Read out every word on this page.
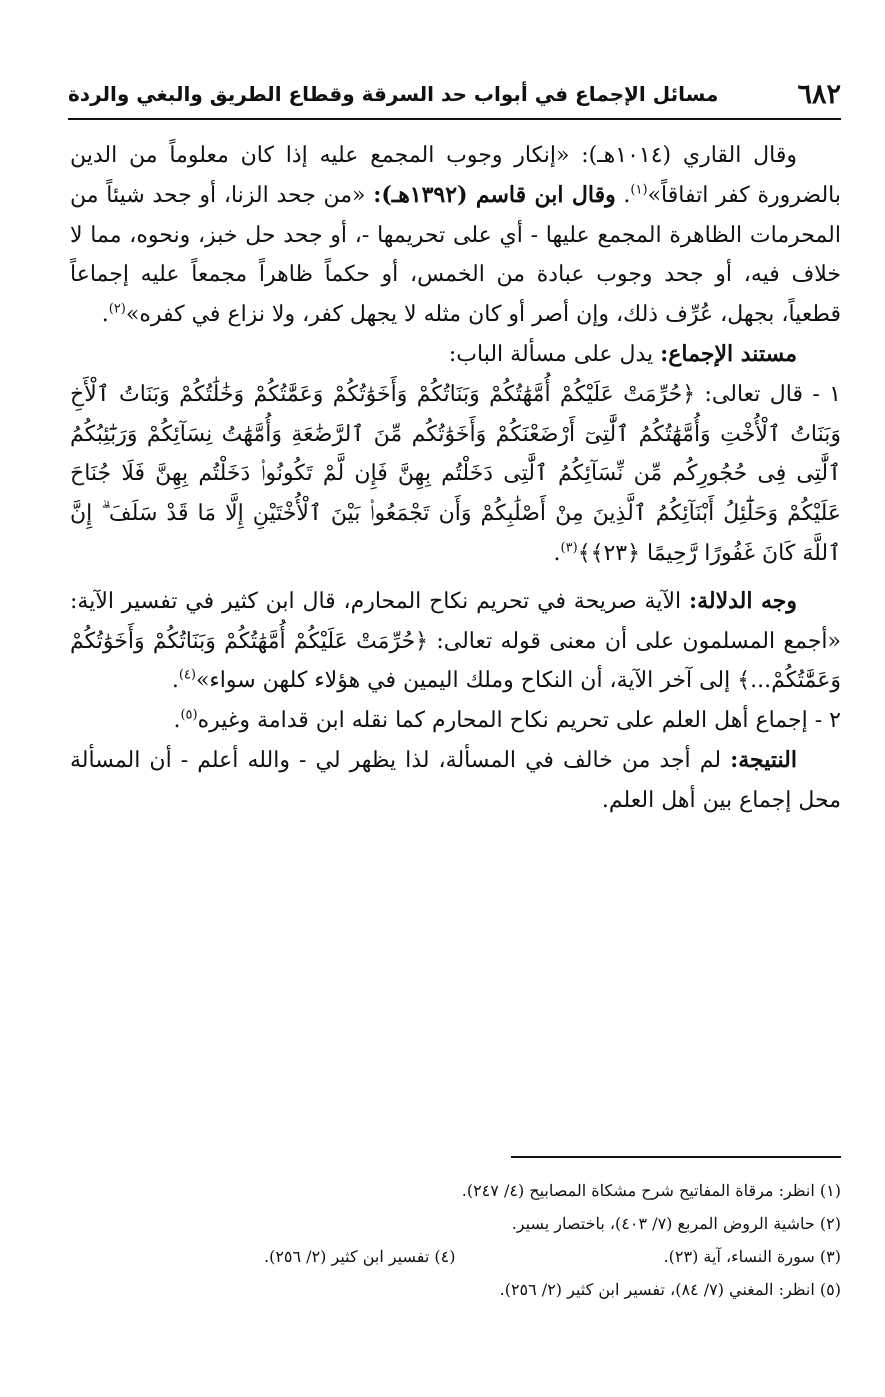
٦٨٢
مسائل الإجماع في أبواب حد السرقة وقطاع الطريق والبغي والردة

وقال القاري (١٠١٤هـ): «إنكار وجوب المجمع عليه إذا كان معلوماً من الدين بالضرورة كفر اتفاقاً»$^{(١)}$. وقال ابن قاسم (١٣٩٢هـ): «من جحد الزنا، أو جحد شيئاً من المحرمات الظاهرة المجمع عليها - أي على تحريمها -، أو جحد حل خبز، ونحوه، مما لا خلاف فيه، أو جحد وجوب عبادة من الخمس، أو حكماً ظاهراً مجمعاً عليه إجماعاً قطعياً، بجهل، عُرِّف ذلك، وإن أصر أو كان مثله لا يجهل كفر، ولا نزاع في كفره»$^{(٢)}$.

مستند الإجماع: يدل على مسألة الباب:

١ - قال تعالى: ﴿حُرِّمَتْ عَلَيْكُمْ أُمَّهَٰتُكُمْ وَبَنَاتُكُمْ وَأَخَوَٰتُكُمْ وَعَمَّٰتُكُمْ وَخَٰلَٰتُكُمْ وَبَنَاتُ ٱلْأَخِ وَبَنَاتُ ٱلْأُخْتِ وَأُمَّهَٰتُكُمُ ٱلَّٰتِىٓ أَرْضَعْنَكُمْ وَأَخَوَٰتُكُم مِّنَ ٱلرَّضَٰعَةِ وَأُمَّهَٰتُ نِسَآئِكُمْ وَرَبَٰٓئِبُكُمُ ٱلَّٰتِى فِى حُجُورِكُم مِّن نِّسَآئِكُمُ ٱلَّٰتِى دَخَلْتُم بِهِنَّ فَإِن لَّمْ تَكُونُوا۟ دَخَلْتُم بِهِنَّ فَلَا جُنَاحَ عَلَيْكُمْ وَحَلَٰٓئِلُ أَبْنَآئِكُمُ ٱلَّذِينَ مِنْ أَصْلَٰبِكُمْ وَأَن تَجْمَعُوا۟ بَيْنَ ٱلْأُخْتَيْنِ إِلَّا مَا قَدْ سَلَفَ ۗ إِنَّ ٱللَّهَ كَانَ غَفُورًا رَّحِيمًا ﴿٢٣﴾﴾$^{(٣)}$.

وجه الدلالة: الآية صريحة في تحريم نكاح المحارم، قال ابن كثير في تفسير الآية: «أجمع المسلمون على أن معنى قوله تعالى: ﴿حُرِّمَتْ عَلَيْكُمْ أُمَّهَٰتُكُمْ وَبَنَاتُكُمْ وَأَخَوَٰتُكُمْ وَعَمَّٰتُكُمْ...﴾ إلى آخر الآية، أن النكاح وملك اليمين في هؤلاء كلهن سواء»$^{(٤)}$.

٢ - إجماع أهل العلم على تحريم نكاح المحارم كما نقله ابن قدامة وغيره$^{(٥)}$.

النتيجة: لم أجد من خالف في المسألة، لذا يظهر لي - والله أعلم - أن المسألة محل إجماع بين أهل العلم.

(١) انظر: مرقاة المفاتيح شرح مشكاة المصابيح (٤/ ٢٤٧).
(٢) حاشية الروض المربع (٧/ ٤٠٣)، باختصار يسير.
(٣) سورة النساء، آية (٢٣).
(٤) تفسير ابن كثير (٢/ ٢٥٦).
(٥) انظر: المغني (٧/ ٨٤)، تفسير ابن كثير (٢/ ٢٥٦).
